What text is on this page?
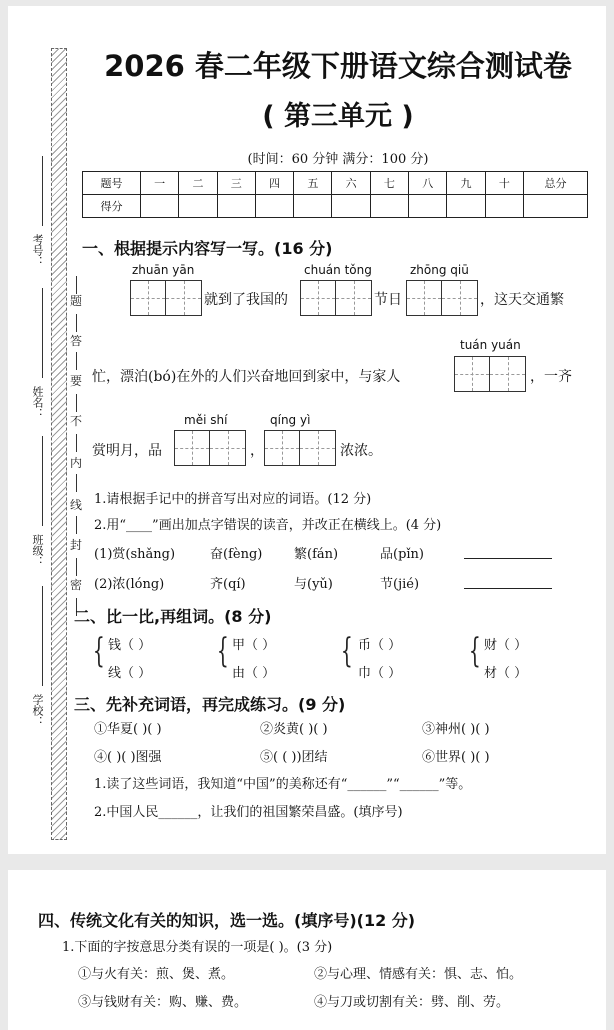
考号：
姓名：
班级：
学校：
题
答
要
不
内
线
封
密
2026 春二年级下册语文综合测试卷
( 第三单元 )
(时间：60 分钟 满分：100 分)
题号	一	二	三	四	五	六	七	八	九	十	总分
得分											
一、根据提示内容写一写。(16 分)
zhuān yān
就到了我国的
chuán tǒng
节日
zhōng qiū
，这天交通繁
忙，漂泊(bó)在外的人们兴奋地回到家中，与家人
tuán yuán
，一齐
赏明月，品
měi shí
，
qíng yì
浓浓。
1.请根据手记中的拼音写出对应的词语。(12 分)
2.用“____”画出加点字错误的读音，并改正在横线上。(4 分)
(1)赏(shǎng)	奋(fèng) 繁(fán)	品(pǐn)
(2)浓(lóng)	齐(qí)	与(yǔ)	节(jié)
二、比一比,再组词。(8 分)
{ 钱（ ）
线（ ）
{ 甲（ ）
由（ ）
{ 币（ ）
巾（ ）
{ 财（ ）
材（ ）
三、先补充词语，再完成练习。(9 分)
①华夏( )( )	②炎黄( )( )	③神州( )( )
④( )( )图强	⑤( ( ))团结	⑥世界( )( )
1.读了这些词语，我知道“中国”的美称还有“______”“______”等。
2.中国人民______，让我们的祖国繁荣昌盛。(填序号)
四、传统文化有关的知识，选一选。(填序号)(12 分)
1.下面的字按意思分类有误的一项是( )。(3 分)
①与火有关：煎、煲、煮。	②与心理、情感有关：惧、志、怕。
③与钱财有关：购、赚、费。	④与刀或切割有关：劈、削、劳。
